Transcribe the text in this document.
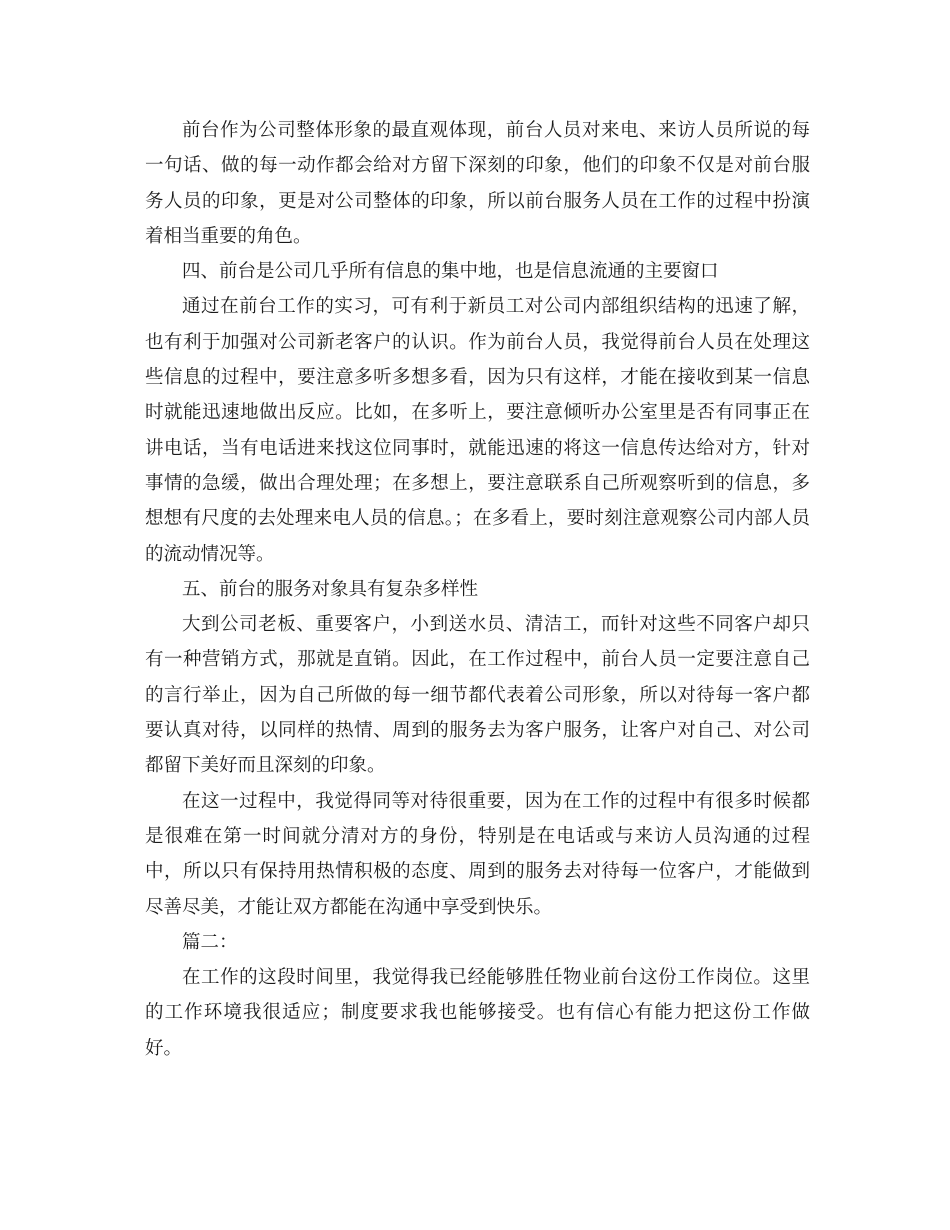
前台作为公司整体形象的最直观体现，前台人员对来电、来访人员所说的每一句话、做的每一动作都会给对方留下深刻的印象，他们的印象不仅是对前台服务人员的印象，更是对公司整体的印象，所以前台服务人员在工作的过程中扮演着相当重要的角色。

四、前台是公司几乎所有信息的集中地，也是信息流通的主要窗口

通过在前台工作的实习，可有利于新员工对公司内部组织结构的迅速了解，也有利于加强对公司新老客户的认识。作为前台人员，我觉得前台人员在处理这些信息的过程中，要注意多听多想多看，因为只有这样，才能在接收到某一信息时就能迅速地做出反应。比如，在多听上，要注意倾听办公室里是否有同事正在讲电话，当有电话进来找这位同事时，就能迅速的将这一信息传达给对方，针对事情的急缓，做出合理处理；在多想上，要注意联系自己所观察听到的信息，多想想有尺度的去处理来电人员的信息。；在多看上，要时刻注意观察公司内部人员的流动情况等。

五、前台的服务对象具有复杂多样性

大到公司老板、重要客户，小到送水员、清洁工，而针对这些不同客户却只有一种营销方式，那就是直销。因此，在工作过程中，前台人员一定要注意自己的言行举止，因为自己所做的每一细节都代表着公司形象，所以对待每一客户都要认真对待，以同样的热情、周到的服务去为客户服务，让客户对自己、对公司都留下美好而且深刻的印象。

在这一过程中，我觉得同等对待很重要，因为在工作的过程中有很多时候都是很难在第一时间就分清对方的身份，特别是在电话或与来访人员沟通的过程中，所以只有保持用热情积极的态度、周到的服务去对待每一位客户，才能做到尽善尽美，才能让双方都能在沟通中享受到快乐。

篇二：

在工作的这段时间里，我觉得我已经能够胜任物业前台这份工作岗位。这里的工作环境我很适应；制度要求我也能够接受。也有信心有能力把这份工作做好。
